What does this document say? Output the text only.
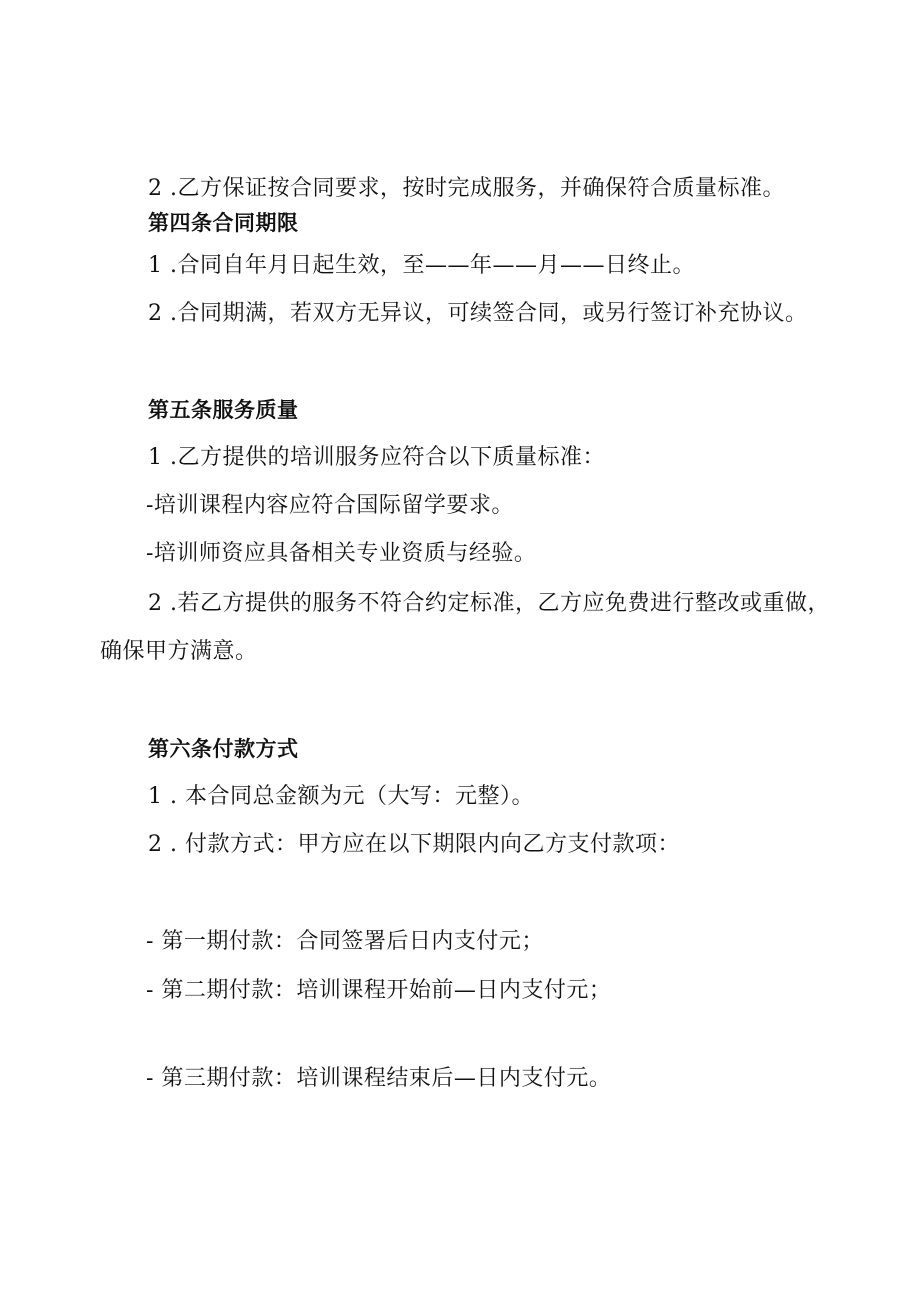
2 .乙方保证按合同要求，按时完成服务，并确保符合质量标准。
第四条合同期限
1 .合同自年月日起生效，至——年——月——日终止。
2 .合同期满，若双方无异议，可续签合同，或另行签订补充协议。
第五条服务质量
1 .乙方提供的培训服务应符合以下质量标准：
-培训课程内容应符合国际留学要求。
-培训师资应具备相关专业资质与经验。
2 .若乙方提供的服务不符合约定标准，乙方应免费进行整改或重做，
确保甲方满意。
第六条付款方式
1 . 本合同总金额为元（大写：元整）。
2 . 付款方式：甲方应在以下期限内向乙方支付款项：
- 第一期付款：合同签署后日内支付元；
- 第二期付款：培训课程开始前—日内支付元；
- 第三期付款：培训课程结束后—日内支付元。
